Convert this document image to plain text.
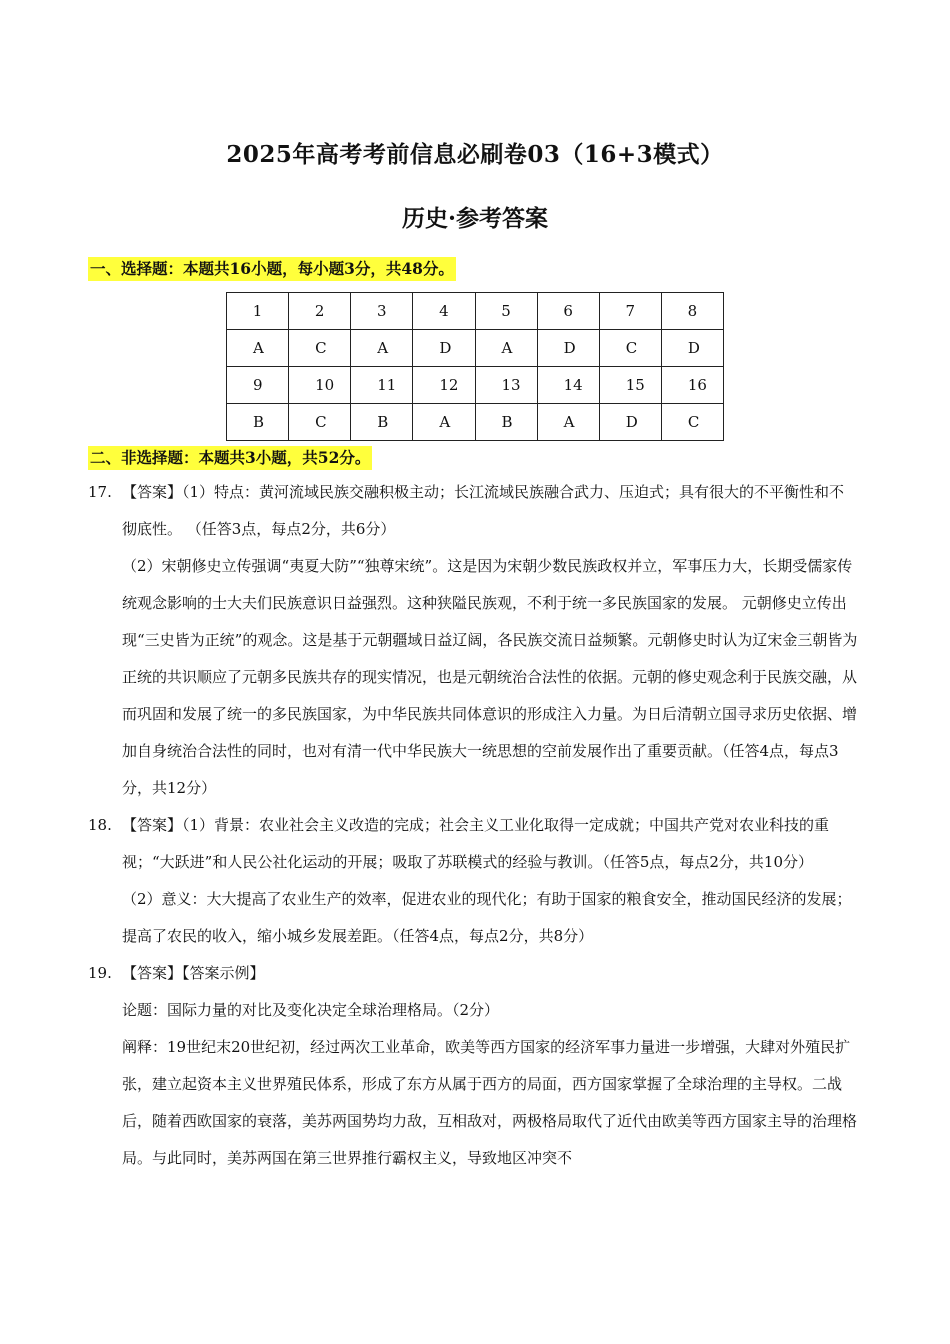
2025年高考考前信息必刷卷03（16+3模式）
历史·参考答案
一、选择题：本题共16小题，每小题3分，共48分。
1	2	3	4	5	6	7	8
A	C	A	D	A	D	C	D
9	10	11	12	13	14	15	16
B	C	B	A	B	A	D	C
二、非选择题：本题共3小题，共52分。
17. 【答案】（1）特点：黄河流域民族交融积极主动；长江流域民族融合武力、压迫式；具有很大的不平衡性和不彻底性。 （任答3点，每点2分，共6分）
（2）宋朝修史立传强调“夷夏大防”“独尊宋统”。这是因为宋朝少数民族政权并立，军事压力大，长期受儒家传统观念影响的士大夫们民族意识日益强烈。这种狭隘民族观，不利于统一多民族国家的发展。 元朝修史立传出现“三史皆为正统”的观念。这是基于元朝疆域日益辽阔，各民族交流日益频繁。元朝修史时认为辽宋金三朝皆为正统的共识顺应了元朝多民族共存的现实情况，也是元朝统治合法性的依据。元朝的修史观念利于民族交融，从而巩固和发展了统一的多民族国家，为中华民族共同体意识的形成注入力量。为日后清朝立国寻求历史依据、增加自身统治合法性的同时，也对有清一代中华民族大一统思想的空前发展作出了重要贡献。（任答4点，每点3分，共12分）
18. 【答案】（1）背景：农业社会主义改造的完成；社会主义工业化取得一定成就；中国共产党对农业科技的重视；“大跃进”和人民公社化运动的开展；吸取了苏联模式的经验与教训。（任答5点，每点2分，共10分）
（2）意义：大大提高了农业生产的效率，促进农业的现代化；有助于国家的粮食安全，推动国民经济的发展；提高了农民的收入，缩小城乡发展差距。（任答4点，每点2分，共8分）
19. 【答案】【答案示例】
论题：国际力量的对比及变化决定全球治理格局。（2分）
阐释：19世纪末20世纪初，经过两次工业革命，欧美等西方国家的经济军事力量进一步增强，大肆对外殖民扩张，建立起资本主义世界殖民体系，形成了东方从属于西方的局面，西方国家掌握了全球治理的主导权。二战后，随着西欧国家的衰落，美苏两国势均力敌，互相敌对，两极格局取代了近代由欧美等西方国家主导的治理格局。与此同时，美苏两国在第三世界推行霸权主义，导致地区冲突不
